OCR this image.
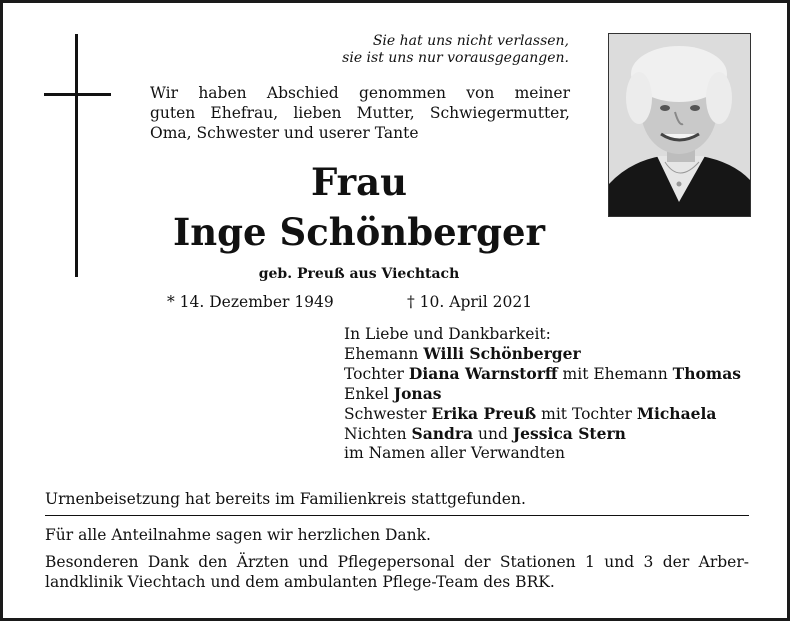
Sie hat uns nicht verlassen,
sie ist uns nur vorausgegangen.
Wir haben Abschied genommen von meiner
guten Ehefrau, lieben Mutter, Schwiegermutter,
Oma, Schwester und userer Tante
Frau
Inge Schönberger
geb. Preuß aus Viechtach
* 14. Dezember 1949	† 10. April 2021
In Liebe und Dankbarkeit:
Ehemann Willi Schönberger
Tochter Diana Warnstorff mit Ehemann Thomas
Enkel Jonas
Schwester Erika Preuß mit Tochter Michaela
Nichten Sandra und Jessica Stern
im Namen aller Verwandten
Urnenbeisetzung hat bereits im Familienkreis stattgefunden.
Für alle Anteilnahme sagen wir herzlichen Dank.
Besonderen Dank den Ärzten und Pflegepersonal der Stationen 1 und 3 der Arber-
landklinik Viechtach und dem ambulanten Pflege-Team des BRK.
